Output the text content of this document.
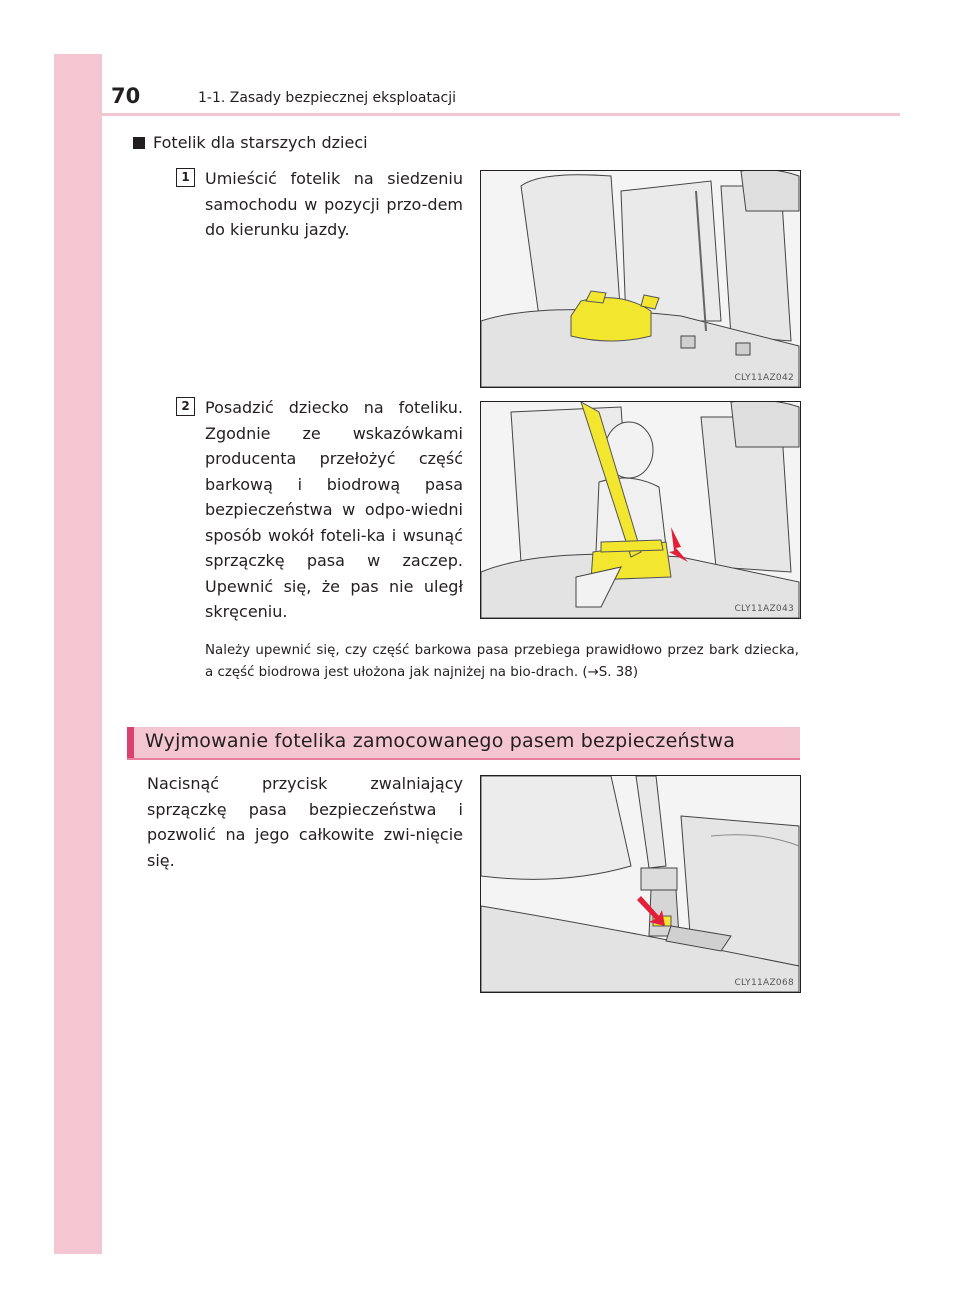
70	1-1. Zasady bezpiecznej eksploatacji
Fotelik dla starszych dzieci
1 Umieścić fotelik na siedzeniu samochodu w pozycji przo-dem do kierunku jazdy.
CLY11AZ042
2 Posadzić dziecko na foteliku. Zgodnie ze wskazówkami producenta przełożyć część barkową i biodrową pasa bezpieczeństwa w odpo-wiedni sposób wokół foteli-ka i wsunąć sprzączkę pasa w zaczep. Upewnić się, że pas nie uległ skręceniu.	CLY11AZ043
Należy upewnić się, czy część barkowa pasa przebiega prawidłowo przez bark dziecka, a część biodrowa jest ułożona jak najniżej na bio-drach. (→S. 38)
Wyjmowanie fotelika zamocowanego pasem bezpieczeństwa
Nacisnąć przycisk zwalniający sprzączkę pasa bezpieczeństwa i pozwolić na jego całkowite zwi-nięcie się.
CLY11AZ068
